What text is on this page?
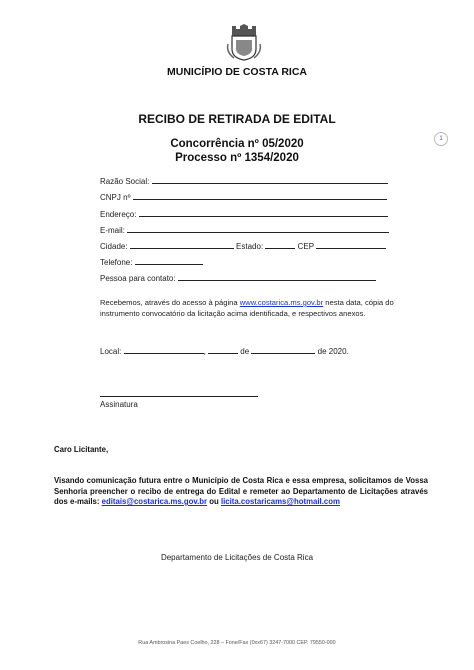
MUNICÍPIO DE COSTA RICA
RECIBO DE RETIRADA DE EDITAL
Concorrência nº 05/2020
Processo nº 1354/2020
1
Razão Social:
CNPJ nº
Endereço:
E-mail:
Cidade:	Estado:	CEP
Telefone:
Pessoa para contato:
Recebemos, através do acesso à página www.costarica.ms.gov.br nesta data, cópia do instrumento convocatório da licitação acima identificada, e respectivos anexos.
Local:	,	de	de 2020.
Assinatura
Caro Licitante,
Visando comunicação futura entre o Município de Costa Rica e essa empresa, solicitamos de Vossa Senhoria preencher o recibo de entrega do Edital e remeter ao Departamento de Licitações através dos e-mails: editais@costarica.ms.gov.br ou licita.costaricams@hotmail.com
Departamento de Licitações de Costa Rica
Rua Ambrosina Paes Coelho, 228 – Fone/Fax (0xx67) 3247-7000 CEP. 79550-000
